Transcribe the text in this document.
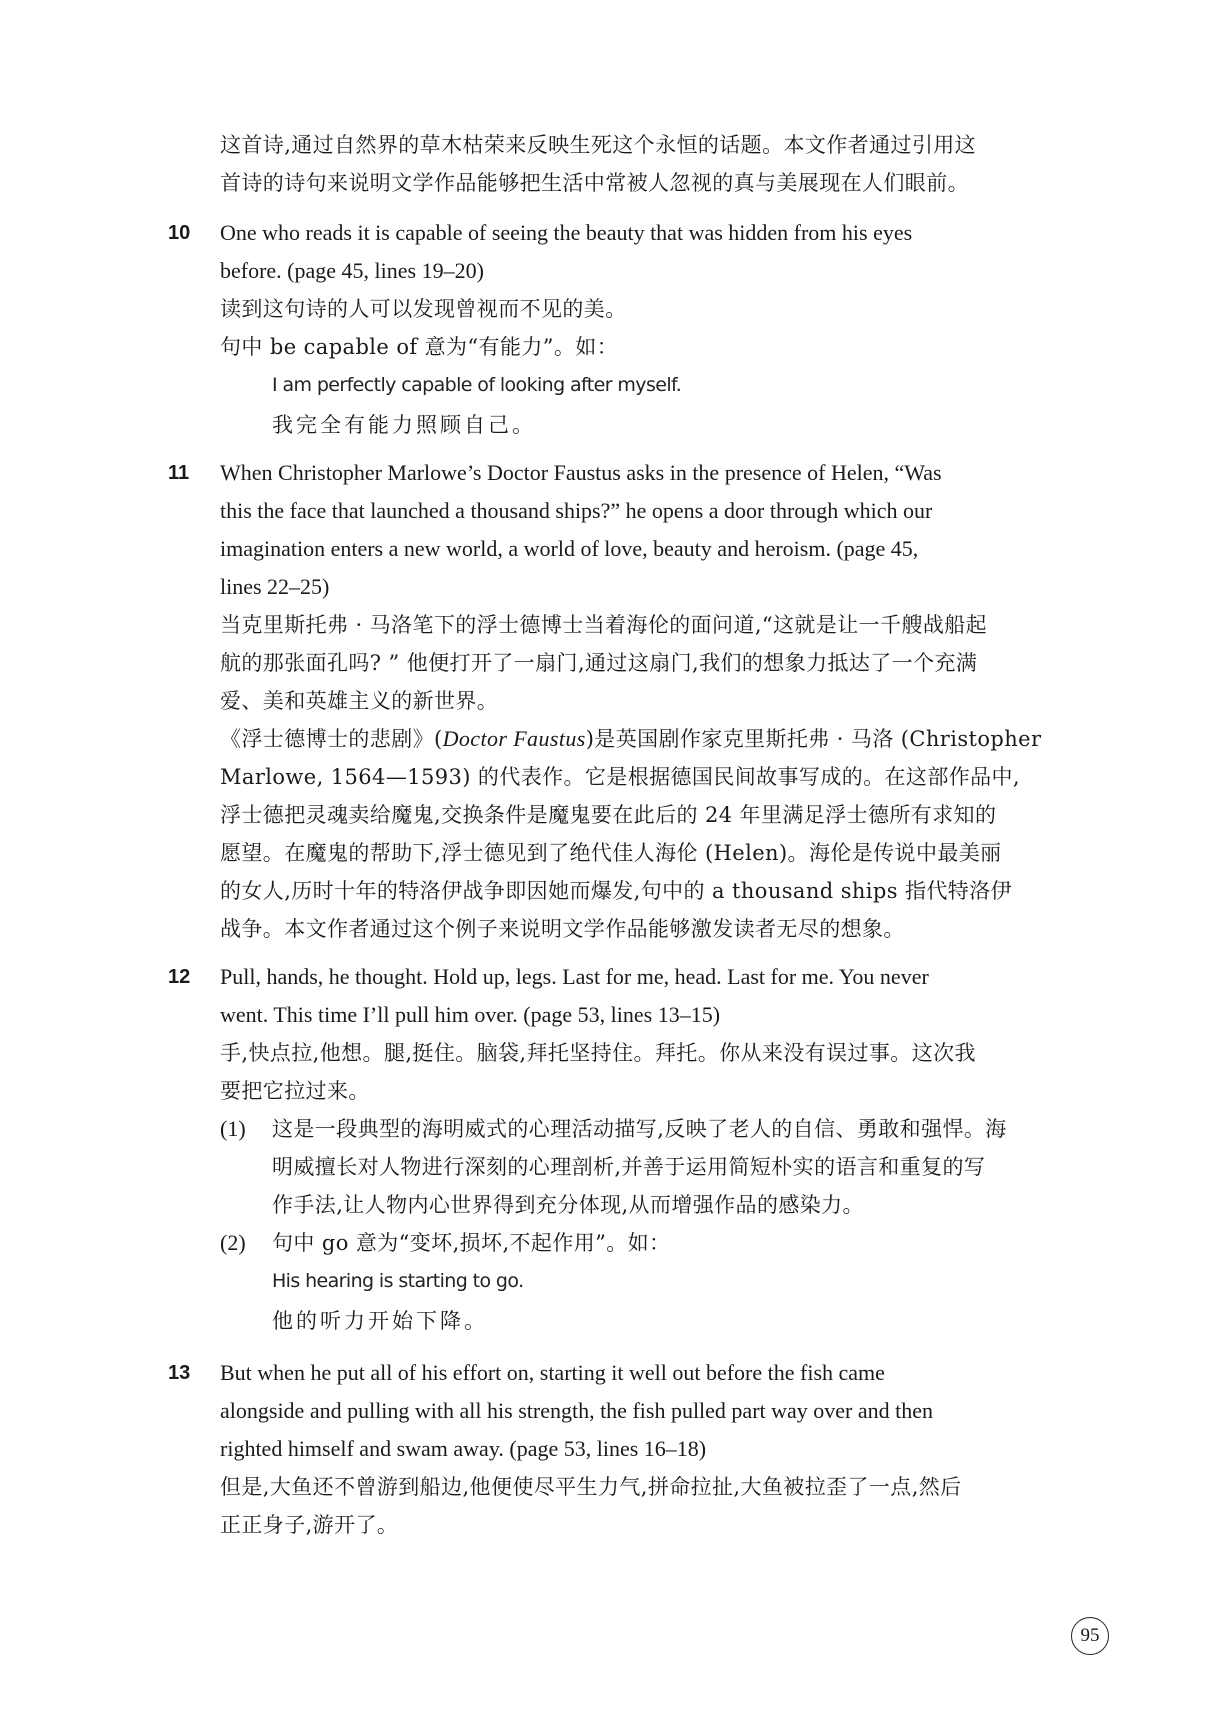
这首诗,通过自然界的草木枯荣来反映生死这个永恒的话题。本文作者通过引用这
首诗的诗句来说明文学作品能够把生活中常被人忽视的真与美展现在人们眼前。
10 One who reads it is capable of seeing the beauty that was hidden from his eyes
before. (page 45, lines 19–20)
读到这句诗的人可以发现曾视而不见的美。
句中 be capable of 意为“有能力”。如：
I am perfectly capable of looking after myself.
我完全有能力照顾自己。
11 When Christopher Marlowe’s Doctor Faustus asks in the presence of Helen, “Was
this the face that launched a thousand ships?” he opens a door through which our
imagination enters a new world, a world of love, beauty and heroism. (page 45,
lines 22–25)
当克里斯托弗 · 马洛笔下的浮士德博士当着海伦的面问道,“这就是让一千艘战船起
航的那张面孔吗? ” 他便打开了一扇门,通过这扇门,我们的想象力抵达了一个充满
爱、美和英雄主义的新世界。
《浮士德博士的悲剧》(Doctor Faustus)是英国剧作家克里斯托弗 · 马洛 (Christopher
Marlowe, 1564—1593) 的代表作。它是根据德国民间故事写成的。在这部作品中,
浮士德把灵魂卖给魔鬼,交换条件是魔鬼要在此后的 24 年里满足浮士德所有求知的
愿望。在魔鬼的帮助下,浮士德见到了绝代佳人海伦 (Helen)。海伦是传说中最美丽
的女人,历时十年的特洛伊战争即因她而爆发,句中的 a thousand ships 指代特洛伊
战争。本文作者通过这个例子来说明文学作品能够激发读者无尽的想象。
12 Pull, hands, he thought. Hold up, legs. Last for me, head. Last for me. You never
went. This time I’ll pull him over. (page 53, lines 13–15)
手,快点拉,他想。腿,挺住。脑袋,拜托坚持住。拜托。你从来没有误过事。这次我
要把它拉过来。
(1) 这是一段典型的海明威式的心理活动描写,反映了老人的自信、勇敢和强悍。海
明威擅长对人物进行深刻的心理剖析,并善于运用简短朴实的语言和重复的写
作手法,让人物内心世界得到充分体现,从而增强作品的感染力。
(2) 句中 go 意为“变坏,损坏,不起作用”。如：
His hearing is starting to go.
他的听力开始下降。
13 But when he put all of his effort on, starting it well out before the fish came
alongside and pulling with all his strength, the fish pulled part way over and then
righted himself and swam away. (page 53, lines 16–18)
但是,大鱼还不曾游到船边,他便使尽平生力气,拼命拉扯,大鱼被拉歪了一点,然后
正正身子,游开了。
95
